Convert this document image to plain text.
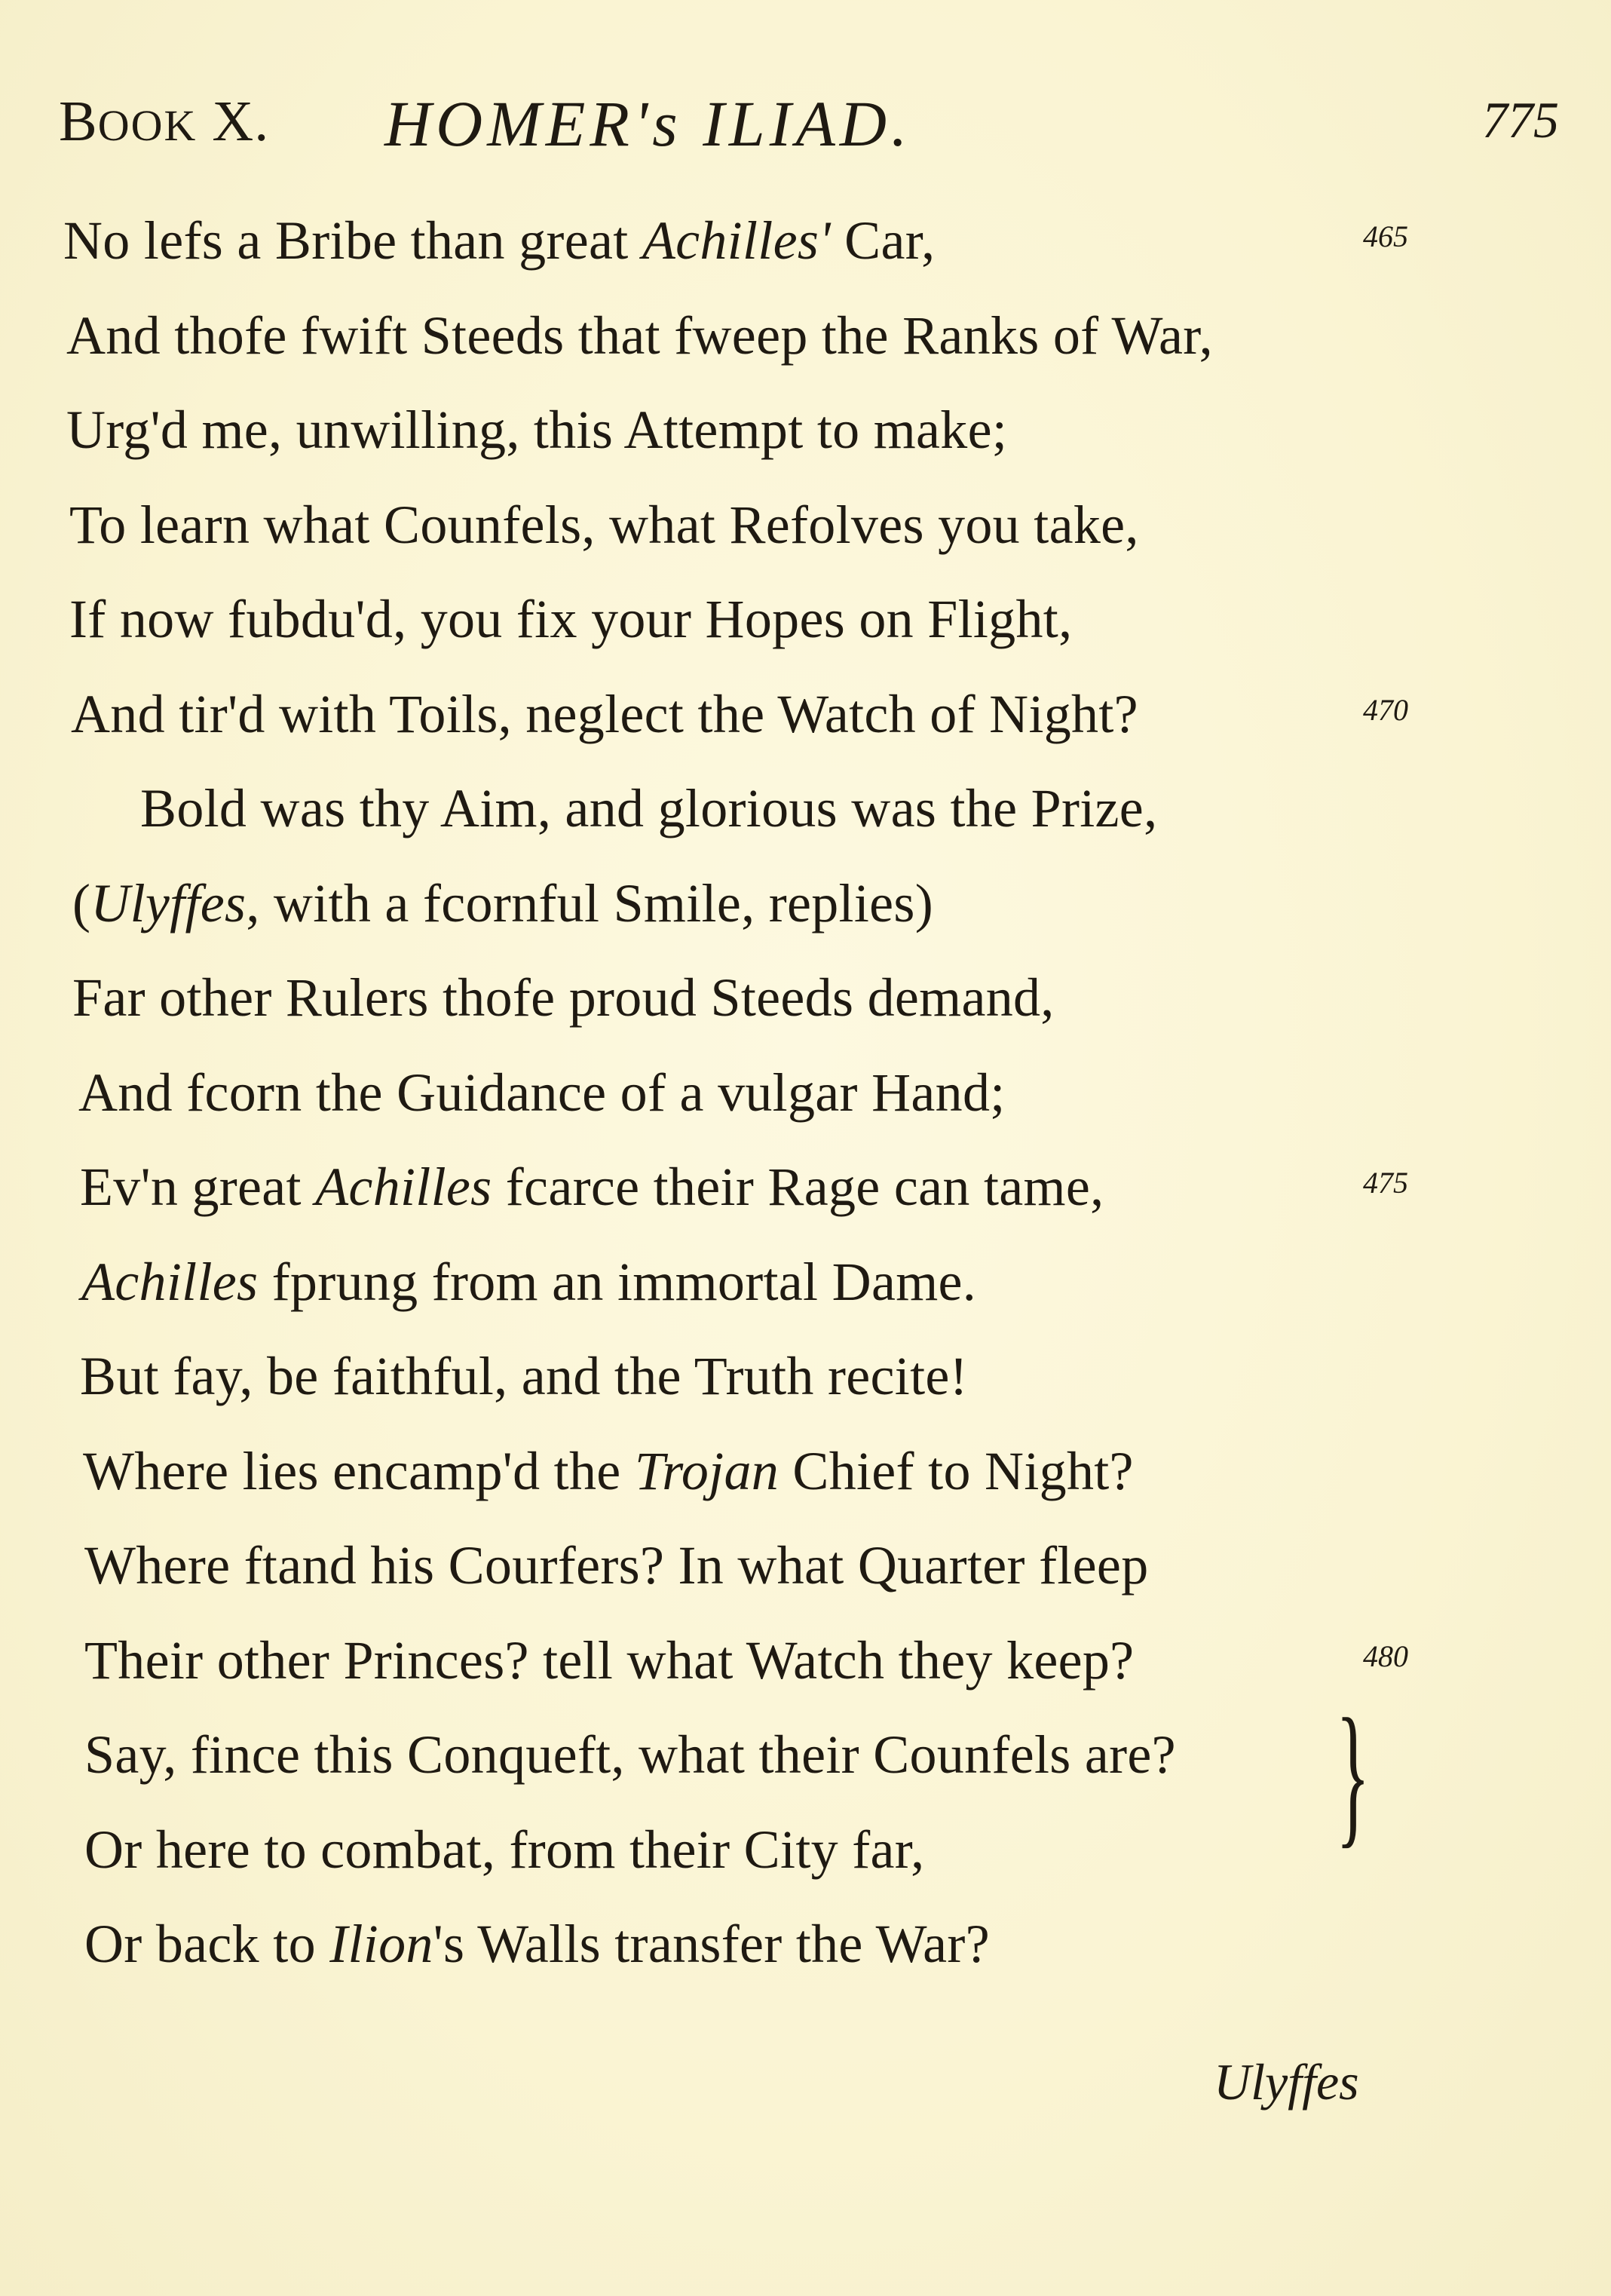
BOOK X. HOMER's ILIAD.	775
No lefs a Bribe than great Achilles' Car,	465
And thofe fwift Steeds that fweep the Ranks of War,
Urg'd me, unwilling, this Attempt to make;
To learn what Counfels, what Refolves you take,
If now fubdu'd, you fix your Hopes on Flight,
And tir'd with Toils, neglect the Watch of Night?	470
Bold was thy Aim, and glorious was the Prize,
(Ulyffes, with a fcornful Smile, replies)
Far other Rulers thofe proud Steeds demand,
And fcorn the Guidance of a vulgar Hand;
Ev'n great Achilles fcarce their Rage can tame,	475
Achilles fprung from an immortal Dame.
But fay, be faithful, and the Truth recite!
Where lies encamp'd the Trojan Chief to Night?
Where ftand his Courfers? In what Quarter fleep
Their other Princes? tell what Watch they keep?	480
Say, fince this Conqueft, what their Counfels are?
Or here to combat, from their City far,
Or back to Ilion's Walls transfer the War?
}
Ulyffes
